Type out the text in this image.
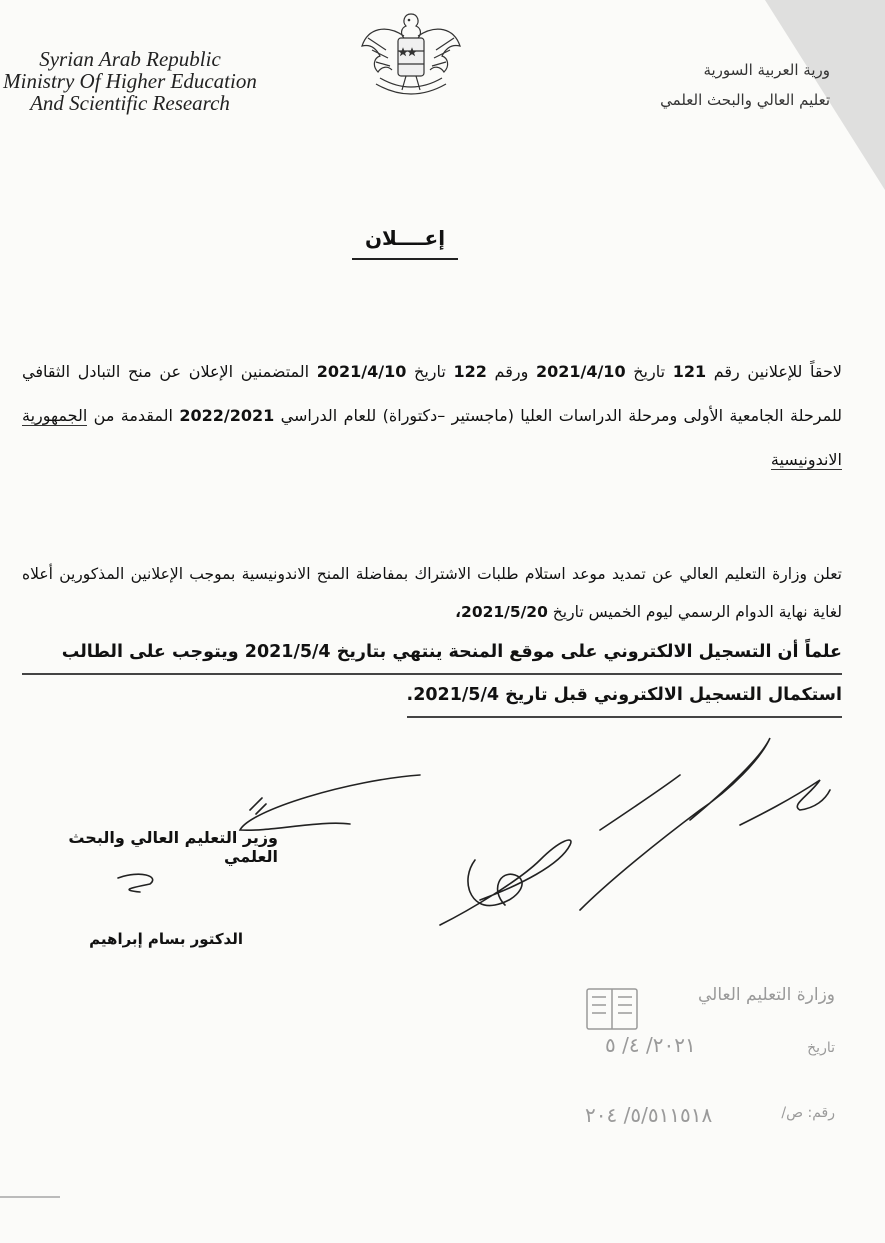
Syrian Arab Republic
Ministry Of Higher Education
And Scientific Research
ورية العربية السورية
تعليم العالي والبحث العلمي
إعــــلان
لاحقاً للإعلانين رقم 121 تاريخ 2021/4/10 ورقم 122 تاريخ 2021/4/10 المتضمنين الإعلان عن منح التبادل الثقافي للمرحلة الجامعية الأولى ومرحلة الدراسات العليا (ماجستير –دكتوراة) للعام الدراسي 2022/2021 المقدمة من الجمهورية الاندونيسية
تعلن وزارة التعليم العالي عن تمديد موعد استلام طلبات الاشتراك بمفاضلة المنح الاندونيسية بموجب الإعلانين المذكورين أعلاه لغاية نهاية الدوام الرسمي ليوم الخميس تاريخ 2021/5/20،
علماً أن التسجيل الالكتروني على موقع المنحة ينتهي بتاريخ 2021/5/4 ويتوجب على الطالب
استكمال التسجيل الالكتروني قبل تاريخ 2021/5/4.
وزير التعليم العالي والبحث العلمي
الدكتور بسام إبراهيم
وزارة التعليم العالي
تاريخ
٢٠٢١/ ٤/ ٥
رقم: ص/
٥/٥١١٥١٨/ ٢٠٤
